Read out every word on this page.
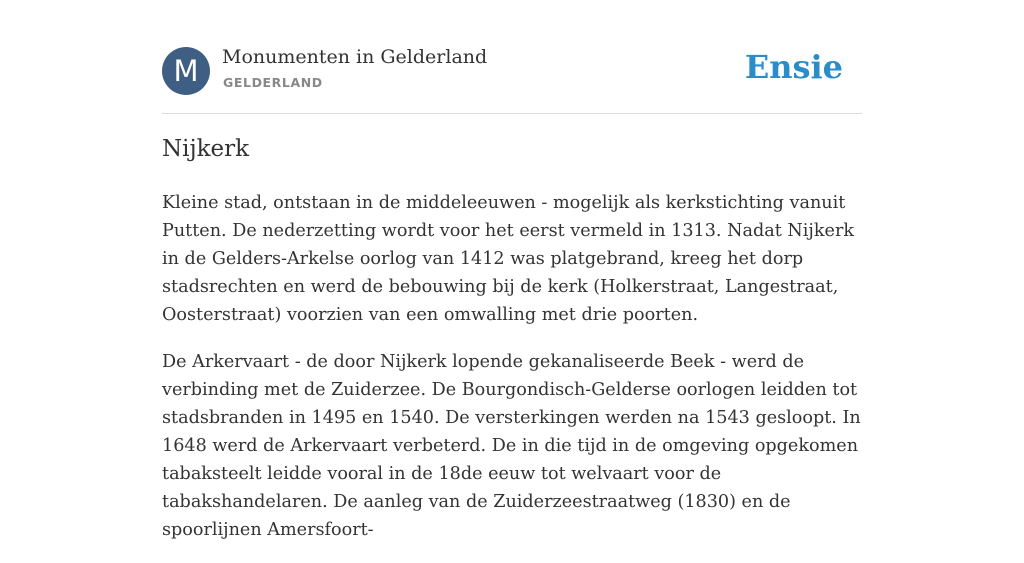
M	Monumenten in Gelderland
GELDERLAND	Ensie
Nijkerk

Kleine stad, ontstaan in de middeleeuwen - mogelijk als kerkstichting vanuit Putten. De nederzetting wordt voor het eerst vermeld in 1313. Nadat Nijkerk in de Gelders-Arkelse oorlog van 1412 was platgebrand, kreeg het dorp stadsrechten en werd de bebouwing bij de kerk (Holkerstraat, Langestraat, Oosterstraat) voorzien van een omwalling met drie poorten.

De Arkervaart - de door Nijkerk lopende gekanaliseerde Beek - werd de verbinding met de Zuiderzee. De Bourgondisch-Gelderse oorlogen leidden tot stadsbranden in 1495 en 1540. De versterkingen werden na 1543 gesloopt. In 1648 werd de Arkervaart verbeterd. De in die tijd in de omgeving opgekomen tabaksteelt leidde vooral in de 18de eeuw tot welvaart voor de tabakshandelaren. De aanleg van de Zuiderzeestraatweg (1830) en de spoorlijnen Amersfoort-
